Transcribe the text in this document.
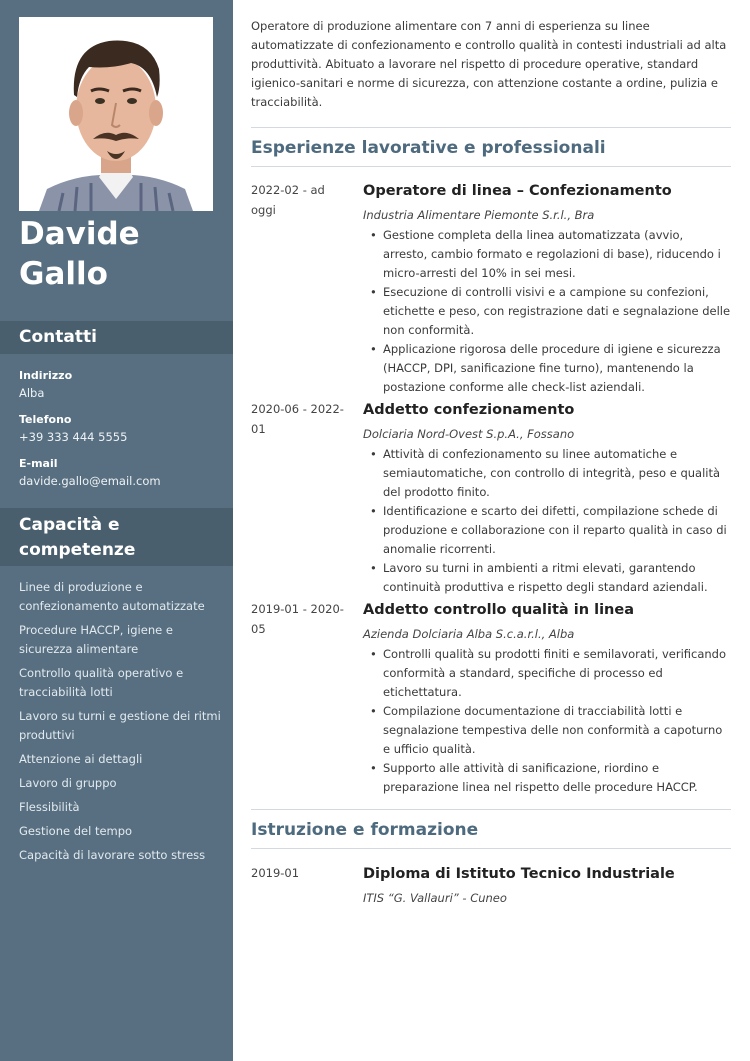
Davide
Gallo
Contatti
Indirizzo
Alba
Telefono
+39 333 444 5555
E-mail
davide.gallo@email.com
Capacità e
competenze
Linee di produzione e confezionamento automatizzate
Procedure HACCP, igiene e sicurezza alimentare
Controllo qualità operativo e tracciabilità lotti
Lavoro su turni e gestione dei ritmi produttivi
Attenzione ai dettagli
Lavoro di gruppo
Flessibilità
Gestione del tempo
Capacità di lavorare sotto stress

Operatore di produzione alimentare con 7 anni di esperienza su linee automatizzate di confezionamento e controllo qualità in contesti industriali ad alta produttività. Abituato a lavorare nel rispetto di procedure operative, standard igienico-sanitari e norme di sicurezza, con attenzione costante a ordine, pulizia e tracciabilità.

Esperienze lavorative e professionali
2022-02 - ad oggi
Operatore di linea – Confezionamento
Industria Alimentare Piemonte S.r.l., Bra
• Gestione completa della linea automatizzata (avvio, arresto, cambio formato e regolazioni di base), riducendo i micro-arresti del 10% in sei mesi.
• Esecuzione di controlli visivi e a campione su confezioni, etichette e peso, con registrazione dati e segnalazione delle non conformità.
• Applicazione rigorosa delle procedure di igiene e sicurezza (HACCP, DPI, sanificazione fine turno), mantenendo la postazione conforme alle check-list aziendali.
2020-06 - 2022-01
Addetto confezionamento
Dolciaria Nord-Ovest S.p.A., Fossano
• Attività di confezionamento su linee automatiche e semiautomatiche, con controllo di integrità, peso e qualità del prodotto finito.
• Identificazione e scarto dei difetti, compilazione schede di produzione e collaborazione con il reparto qualità in caso di anomalie ricorrenti.
• Lavoro su turni in ambienti a ritmi elevati, garantendo continuità produttiva e rispetto degli standard aziendali.
2019-01 - 2020-05
Addetto controllo qualità in linea
Azienda Dolciaria Alba S.c.a.r.l., Alba
• Controlli qualità su prodotti finiti e semilavorati, verificando conformità a standard, specifiche di processo ed etichettatura.
• Compilazione documentazione di tracciabilità lotti e segnalazione tempestiva delle non conformità a capoturno e ufficio qualità.
• Supporto alle attività di sanificazione, riordino e preparazione linea nel rispetto delle procedure HACCP.
Istruzione e formazione
2019-01	Diploma di Istituto Tecnico Industriale
ITIS “G. Vallauri” - Cuneo
